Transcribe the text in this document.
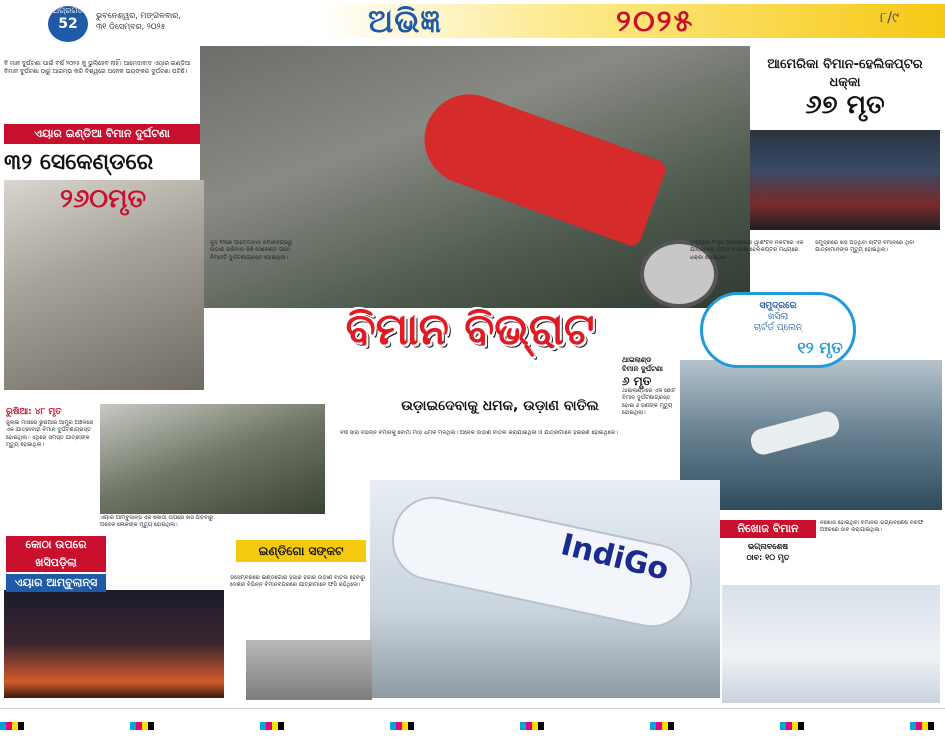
ଅଗ୍ରଗତି
52
ଭୁବନେଶ୍ୱର, ମଙ୍ଗଳବାର,
୩୧ ଡିସେମ୍ବର, ୨୦୨୫	ଅଭିଜ୍ଞ	୨୦୨୫	୮/୯
IndiGo
ବି ମାନ ଦୁର୍ଘଟଣା ପାଇଁ ବର୍ଷ ୨୦୨୫ କୁ ଭୁଲିହେବ ନାହିଁ। ଆମେଦାବାଦ ଏୟାର ଇଣ୍ଡିଆ ବିମାନ ଦୁର୍ଘଟଣା ଠାରୁ ଆରମ୍ଭ କରି ବିଶ୍ୱରେ ଅନେକ ଭୟଙ୍କର ଦୁର୍ଘଟଣା ଘଟିଛି।
ଏୟାର ଇଣ୍ଡିଆ ବିମାନ ଦୁର୍ଘଟଣା
୩୨ ସେକେଣ୍ଡରେ
୨୬୦ମୃତ
ଜୁନ ୧୨ରେ ଆହମଦାବାଦ ବିମାନବନ୍ଦରରୁ ଉଡ଼ାଣ ଭରିବାର କିଛି ସେକେଣ୍ଡ ପରେ ବିମାନଟି ଦୁର୍ଘଟଣାଗ୍ରସ୍ତ ହୋଇଥିଲା।
ଆମେରିକା ବିମାନ-ହେଲିକପ୍ଟର ଧକ୍କା
୬୭ ମୃତ
ଜାନୁଆରୀ ୨୯ରେ ଆମେରିକାର ୱାଶିଂଟନ ନିକଟରେ ଏକ ଯାତ୍ରୀବାହୀ ବିମାନ ଓ ସେନା ହେଲିକପ୍ଟର ମଧ୍ୟରେ ଧକ୍କା ହୋଇଥିଲା।
ବିମାନ ବିଭ୍ରାଟ
ଉଡ଼ାଇଦେବାକୁ ଧମକ, ଉଡ଼ାଣ ବାତିଲ
ବର୍ଷ ସାରା ବିଭିନ୍ନ ବିମାନକୁ ବୋମା ମାଡ଼ ଧମକ ମିଳିଥିଲା। ଅନେକ ଉଡ଼ାଣ ବାତିଲ କରାଯାଇଥିଲା ଓ ଯାତ୍ରୀମାନେ ହଇରାଣ ହୋଇଥିଲେ।
ସମୁଦ୍ରରେ
ଖସିଲା
ଚାର୍ଟର୍ଡ ପ୍ଲେନ୍
୧୨ ମୃତ
ସମୁଦ୍ରରେ ଖସି ପଡ଼ିଥିବା ଚାର୍ଟର୍ଡ ବିମାନରେ ଥିବା ଯାତ୍ରୀମାନଙ୍କ ମୃତ୍ୟୁ ହୋଇଥିଲା।
ଥାଇଲାଣ୍ଡ
ବିମାନ ଦୁର୍ଘଟଣା
୬ ମୃତ
ଥାଇଲାଣ୍ଡରେ ଏକ ଛୋଟ ବିମାନ ଦୁର୍ଘଟଣାଗ୍ରସ୍ତ ହୋଇ ୬ ଜଣଙ୍କ ମୃତ୍ୟୁ ହୋଇଥିଲା।
ରୁଷିଆ: ୪୮ ମୃତ
ଜୁଲାଇ ମାସରେ ରୁଷିଆର ଆମୁର ଅଞ୍ଚଳରେ ଏକ ଯାତ୍ରୀବାହୀ ବିମାନ ଦୁର୍ଘଟଣାଗ୍ରସ୍ତ ହୋଇଥିଲା। ଏଥିରେ ସମସ୍ତ ଯାତ୍ରୀଙ୍କ ମୃତ୍ୟୁ ହୋଇଥିଲା।
କୋଠା ଉପରେ
ଖସିପଡ଼ିଲା
ଏୟାର ଆମ୍ବୁଲାନ୍ସ
ଏୟାର ଆମ୍ବୁଲାନ୍ସ ଏକ କୋଠା ଉପରେ ଖସି ପଡ଼ିବାରୁ ଅନେକ ଲୋକଙ୍କ ମୃତ୍ୟୁ ହୋଇଥିଲା।
ଇଣ୍ଡିଗୋ ସଙ୍କଟ
ଡିସେମ୍ବରରେ ଇଣ୍ଡିଗୋର ହଜାର ହଜାର ଉଡ଼ାଣ ବାତିଲ ହେବାରୁ ଦେଶର ବିଭିନ୍ନ ବିମାନବନ୍ଦରରେ ଯାତ୍ରୀମାନେ ଫସି ରହିଥିଲେ।
ନିଖୋଜ ବିମାନ
ଭଗ୍ନାବଶେଷ
ଠାବ: ୧୦ ମୃତ
ନିଖୋଜ ହୋଇଥିବା ବିମାନର ଭଗ୍ନାବଶେଷ ବରଫ ଅଞ୍ଚଳରେ ଠାବ କରାଯାଇଥିଲା।
